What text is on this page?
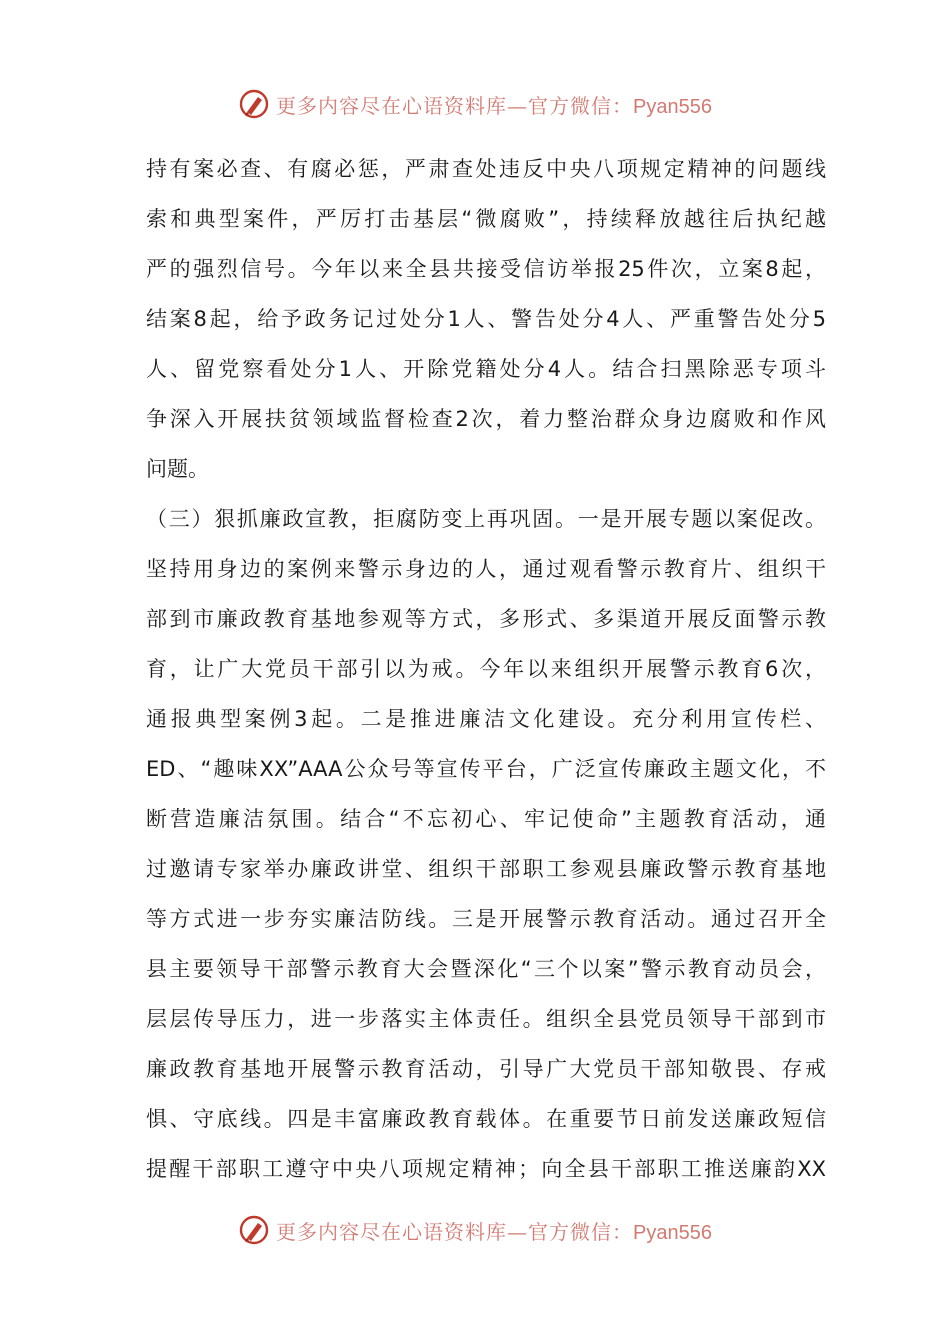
更多内容尽在心语资料库—官方微信：Pyan556
持有案必查、有腐必惩，严肃查处违反中央八项规定精神的问题线
索和典型案件，严厉打击基层“微腐败”，持续释放越往后执纪越
严的强烈信号。今年以来全县共接受信访举报25件次，立案8起，
结案8起，给予政务记过处分1人、警告处分4人、严重警告处分5
人、留党察看处分1人、开除党籍处分4人。结合扫黑除恶专项斗
争深入开展扶贫领域监督检查2次，着力整治群众身边腐败和作风
问题。
（三）狠抓廉政宣教，拒腐防变上再巩固。一是开展专题以案促改。
坚持用身边的案例来警示身边的人，通过观看警示教育片、组织干
部到市廉政教育基地参观等方式，多形式、多渠道开展反面警示教
育，让广大党员干部引以为戒。今年以来组织开展警示教育6次，
通报典型案例3起。二是推进廉洁文化建设。充分利用宣传栏、
ED、“趣味XX”AAA公众号等宣传平台，广泛宣传廉政主题文化，不
断营造廉洁氛围。结合“不忘初心、牢记使命”主题教育活动，通
过邀请专家举办廉政讲堂、组织干部职工参观县廉政警示教育基地
等方式进一步夯实廉洁防线。三是开展警示教育活动。通过召开全
县主要领导干部警示教育大会暨深化“三个以案”警示教育动员会，
层层传导压力，进一步落实主体责任。组织全县党员领导干部到市
廉政教育基地开展警示教育活动，引导广大党员干部知敬畏、存戒
惧、守底线。四是丰富廉政教育载体。在重要节日前发送廉政短信
提醒干部职工遵守中央八项规定精神；向全县干部职工推送廉韵XX
更多内容尽在心语资料库—官方微信：Pyan556
